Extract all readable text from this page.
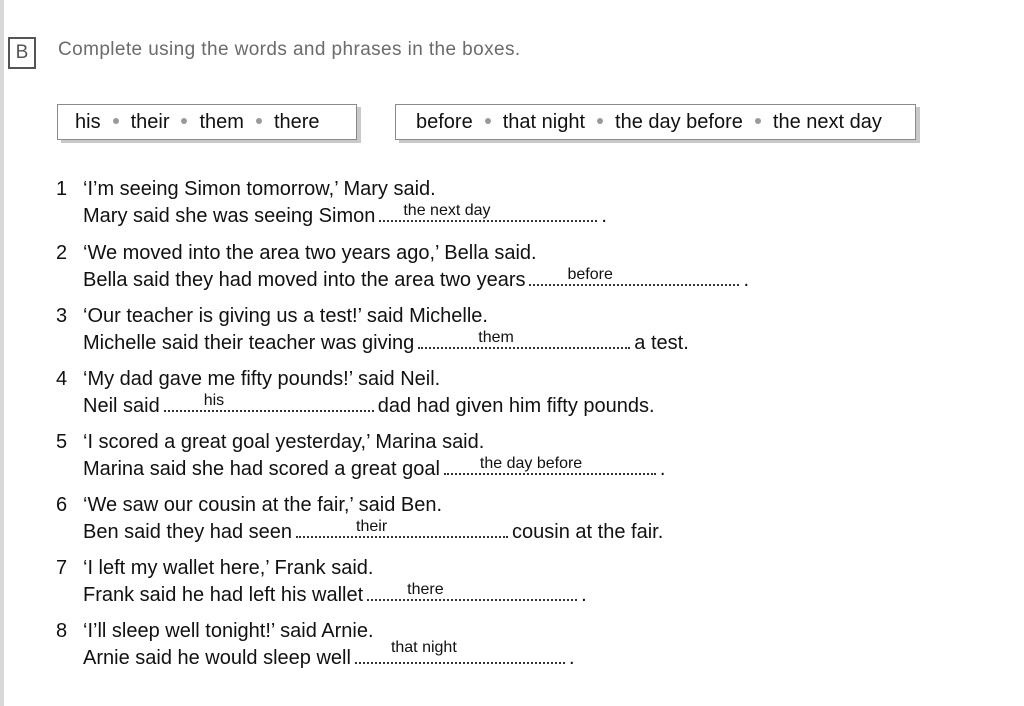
B	Complete using the words and phrases in the boxes.
his their them there	before that night the day before the next day
1 ‘I’m seeing Simon tomorrow,’ Mary said.
Mary said she was seeing Simon the next day	.
2 ‘We moved into the area two years ago,’ Bella said.
Bella said they had moved into the area two years	before	.
3 ‘Our teacher is giving us a test!’ said Michelle.
Michelle said their teacher was giving	them	a test.
4 ‘My dad gave me fifty pounds!’ said Neil.
Neil said	his	dad had given him fifty pounds.
5 ‘I scored a great goal yesterday,’ Marina said.
Marina said she had scored a great goal	the day before	.
6 ‘We saw our cousin at the fair,’ said Ben.
Ben said they had seen	their	cousin at the fair.
7 ‘I left my wallet here,’ Frank said.
Frank said he had left his wallet	there	.
8 ‘I’ll sleep well tonight!’ said Arnie.
Arnie said he would sleep well	that night	.
